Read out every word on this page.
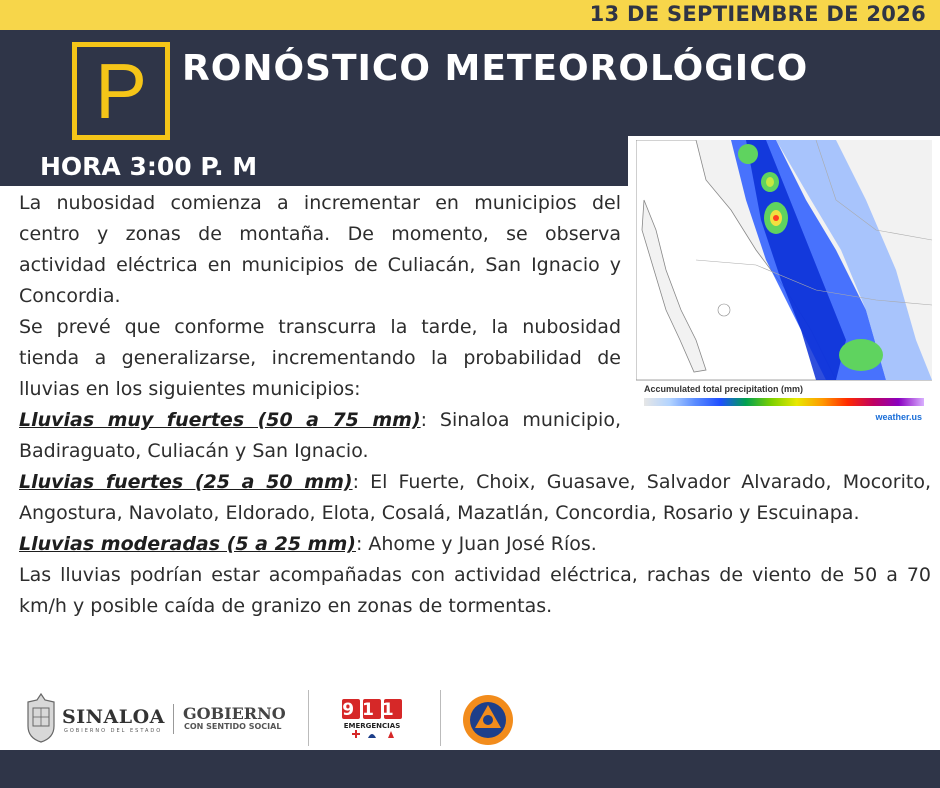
13 DE SEPTIEMBRE DE 2026
P RONÓSTICO METEOROLÓGICO
HORA 3:00 P. M
Accumulated total precipitation (mm)
weather.us

La nubosidad comienza a incrementar en municipios del centro y zonas de montaña. De momento, se observa actividad eléctrica en municipios de Culiacán, San Ignacio y Concordia.

Se prevé que conforme transcurra la tarde, la nubosidad tienda a generalizarse, incrementando la probabilidad de lluvias en los siguientes municipios:

Lluvias muy fuertes (50 a 75 mm): Sinaloa municipio, Badiraguato, Culiacán y San Ignacio.

Lluvias fuertes (25 a 50 mm): El Fuerte, Choix, Guasave, Salvador Alvarado, Mocorito, Angostura, Navolato, Eldorado, Elota, Cosalá, Mazatlán, Concordia, Rosario y Escuinapa.

Lluvias moderadas (5 a 25 mm): Ahome y Juan José Ríos.

Las lluvias podrían estar acompañadas con actividad eléctrica, rachas de viento de 50 a 70 km/h y posible caída de granizo en zonas de tormentas.

SINALOA
GOBIERNO DEL ESTADO
GOBIERNO
CON SENTIDO SOCIAL
911
EMERGENCIAS
